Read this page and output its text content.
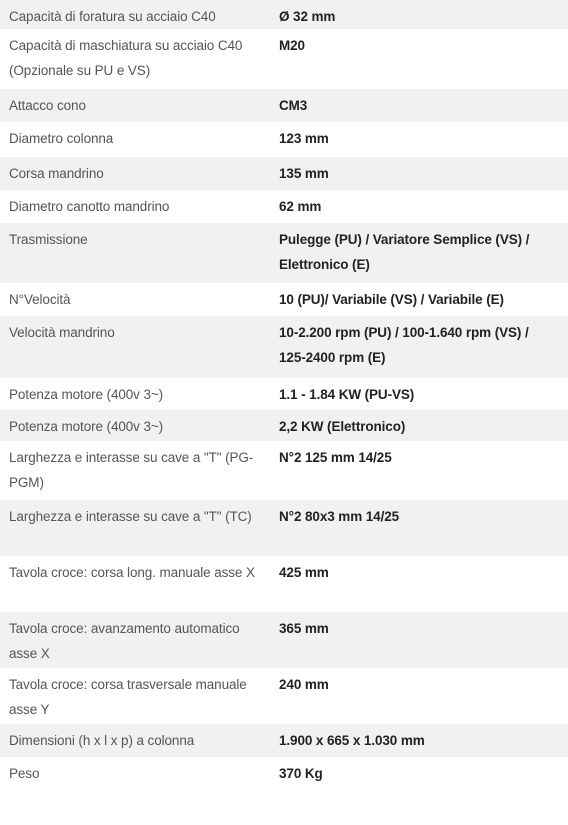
Capacità di foratura su acciaio C40	Ø 32 mm
Capacità di maschiatura su acciaio C40 (Opzionale su PU e VS)	M20
Attacco cono	CM3
Diametro colonna	123 mm
Corsa mandrino	135 mm
Diametro canotto mandrino	62 mm
Trasmissione	Pulegge (PU) / Variatore Semplice (VS) / Elettronico (E)
N°Velocità	10 (PU)/ Variabile (VS) / Variabile (E)
Velocità mandrino	10-2.200 rpm (PU) / 100-1.640 rpm (VS) / 125-2400 rpm (E)
Potenza motore (400v 3~)	1.1 - 1.84 KW (PU-VS)
Potenza motore (400v 3~)	2,2 KW (Elettronico)
Larghezza e interasse su cave a "T" (PG-PGM)	N°2 125 mm 14/25
Larghezza e interasse su cave a "T" (TC)	N°2 80x3 mm 14/25
Tavola croce: corsa long. manuale asse X	425 mm
Tavola croce: avanzamento automatico asse X	365 mm
Tavola croce: corsa trasversale manuale asse Y	240 mm
Dimensioni (h x l x p) a colonna	1.900 x 665 x 1.030 mm
Peso	370 Kg
